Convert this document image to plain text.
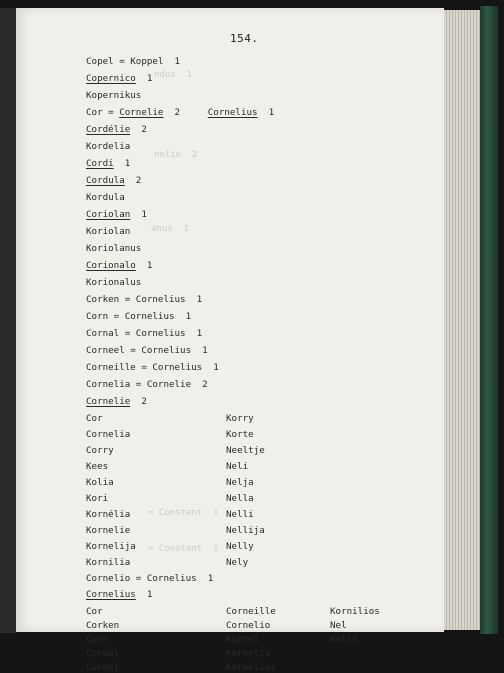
154.
ndus  1
nelie  2
anus  1
= Constant  1
= Constant  1
Copel = Koppel  1
Copernico  1
Kopernikus
Cor = Cornelie  2	Cornelius  1
Cordélie  2
Kordelia
Cordi  1
Cordula  2
Kordula
Coriolan  1
Koriolan
Koriolanus
Corionalo  1
Korionalus
Corken = Cornelius  1
Corn = Cornelius  1
Cornal = Cornelius  1
Corneel = Cornelius  1
Corneille = Cornelius  1
Cornelia = Cornelie  2
Cornelie  2
Cor
Cornelia
Corry
Kees
Kolia
Kori
Kornélia
Kornelie
Kornelija
Kornilia
Korry
Korte
Neeltje
Neli
Nelja
Nella
Nelli
Nellija
Nelly
Nely
Cornelio = Cornelius  1
Cornelius  1
Cor
Corken
Corn
Cornal
Cornel
Corneille
Cornelio
Kornel
Kornelis
Kornelius
Kornilios
Nel
Nelis
